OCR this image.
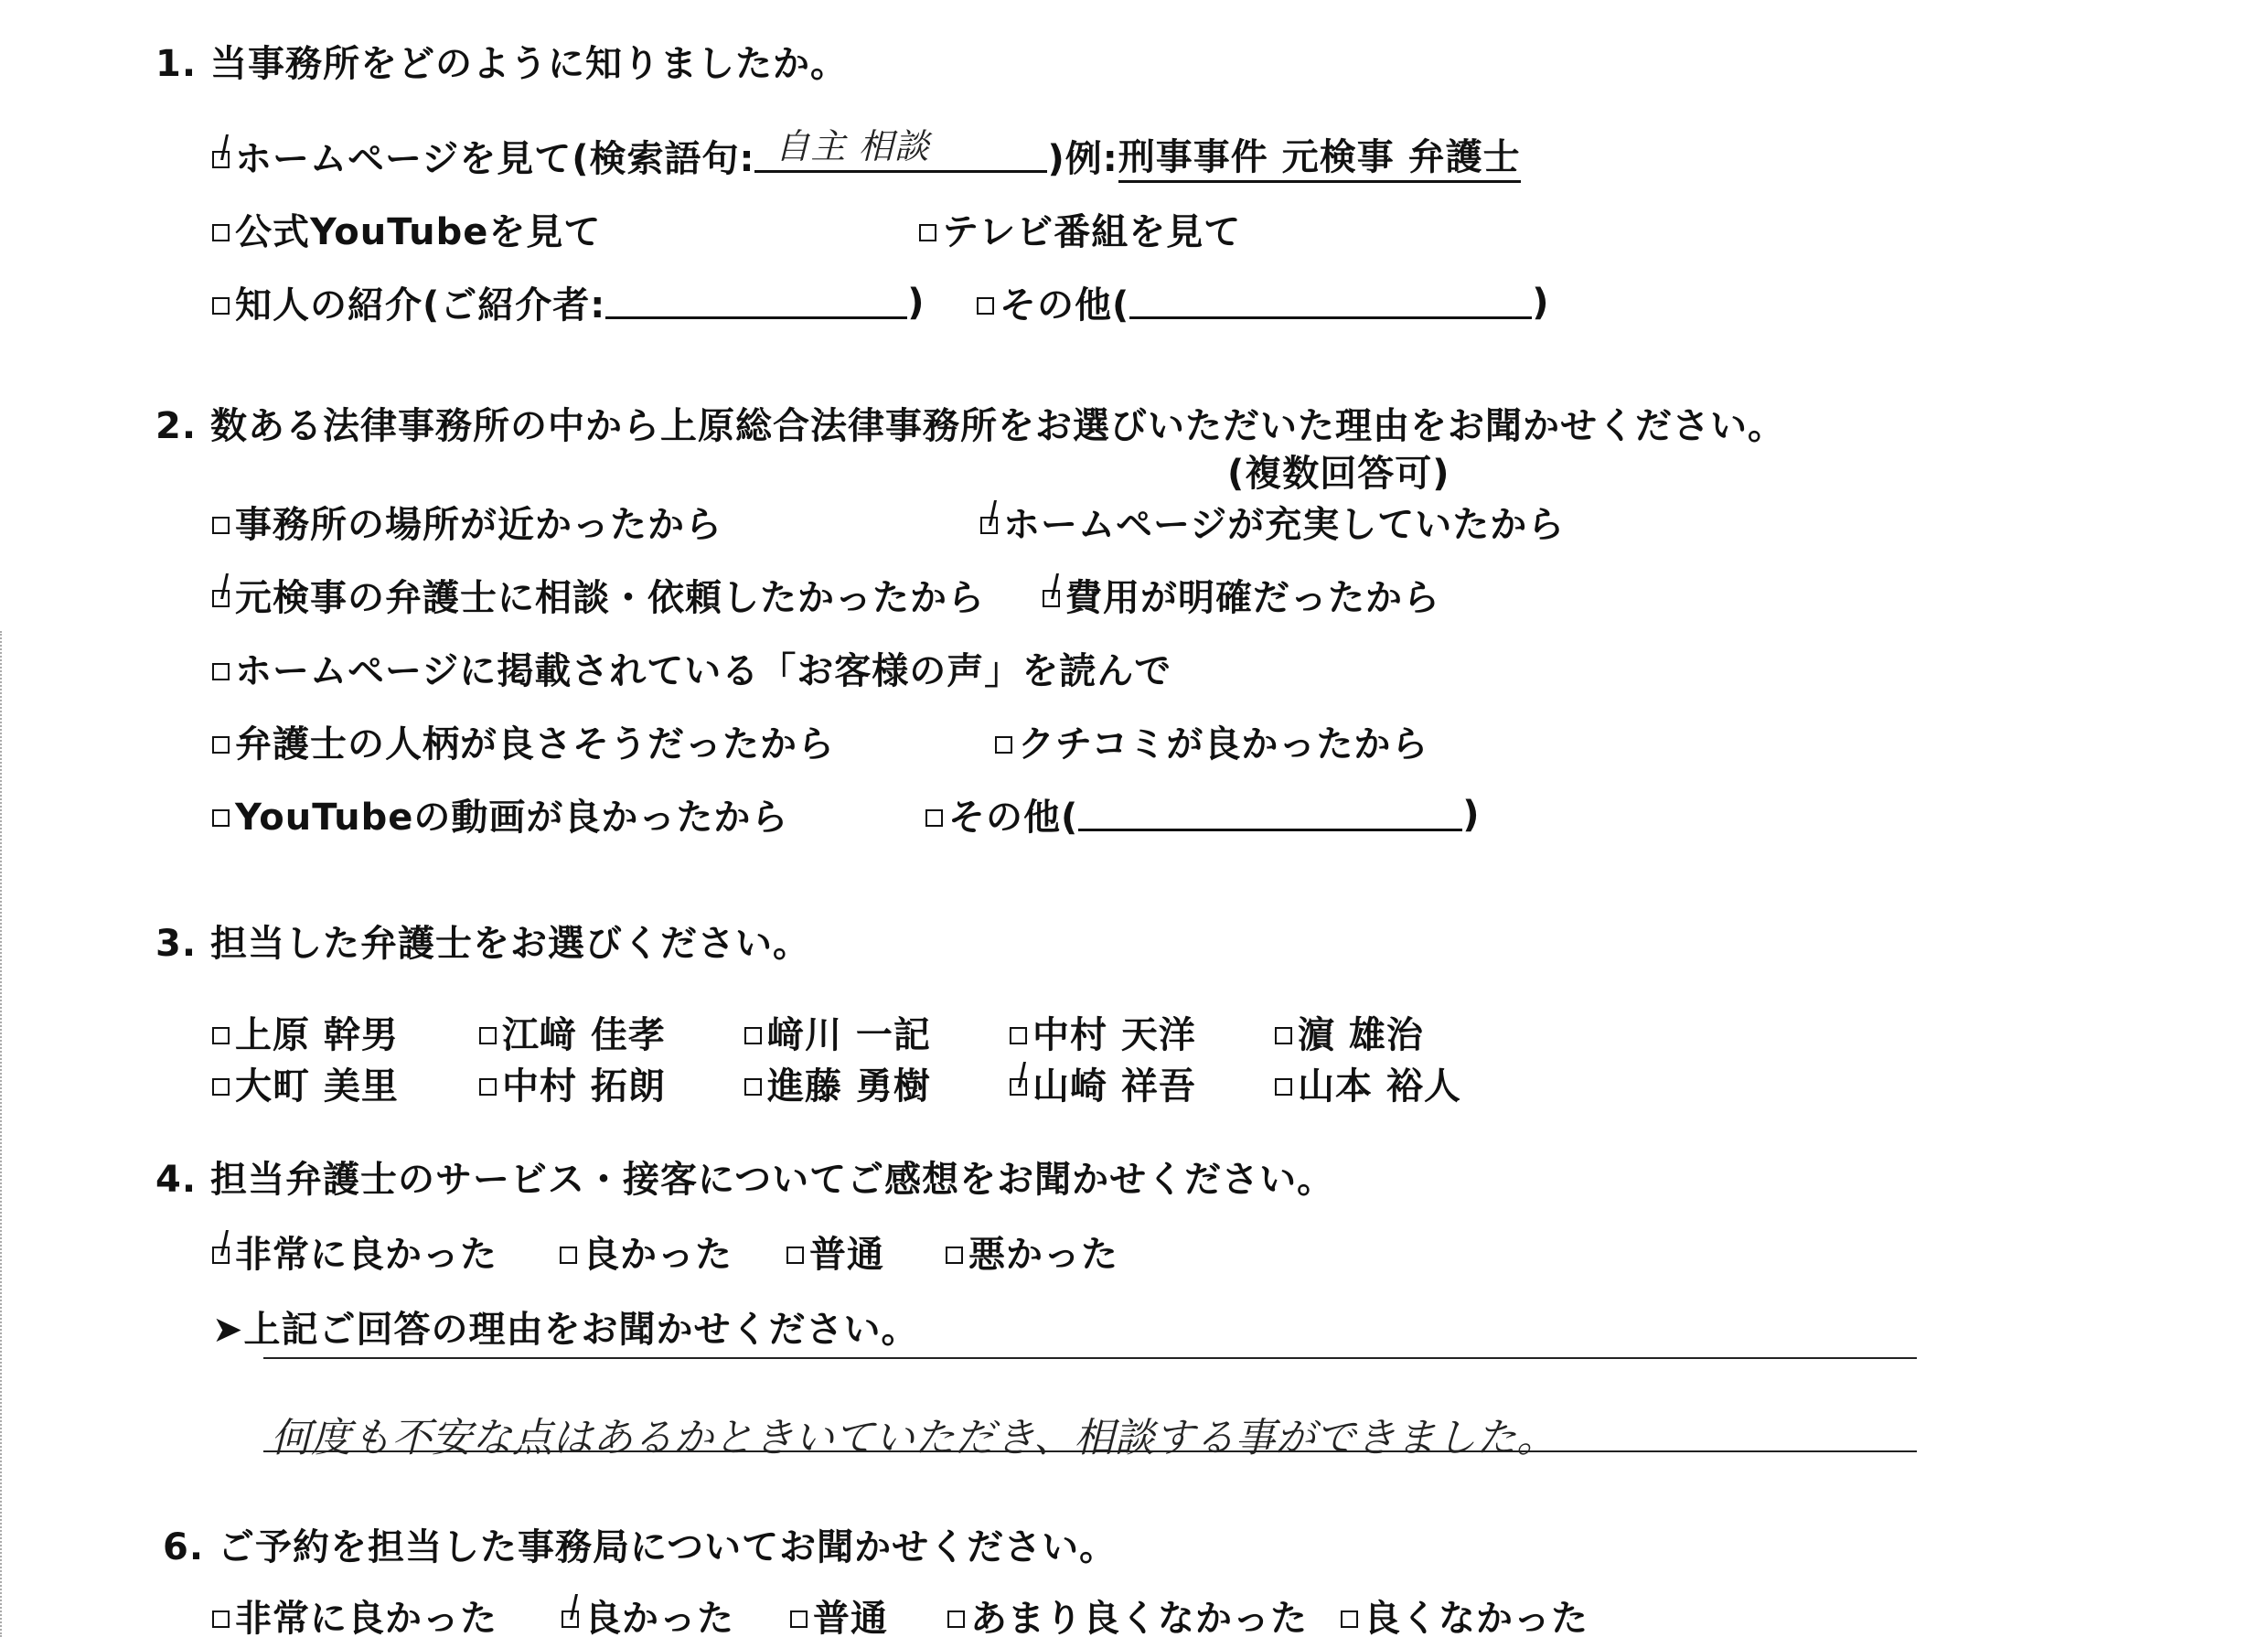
1. 当事務所をどのように知りましたか。
ホームページを見て(検索語句: 自主 相談	)例: 刑事事件 元検事 弁護士
公式YouTubeを見て	テレビ番組を見て
知人の紹介(ご紹介者:	) その他(	)
2. 数ある法律事務所の中から上原総合法律事務所をお選びいただいた理由をお聞かせください。
(複数回答可)
事務所の場所が近かったから	ホームページが充実していたから
元検事の弁護士に相談・依頼したかったから 費用が明確だったから
ホームページに掲載されている「お客様の声」を読んで
弁護士の人柄が良さそうだったから	クチコミが良かったから
YouTubeの動画が良かったから	その他(	)
3. 担当した弁護士をお選びください。
上原 幹男	江﨑 佳孝	﨑川 一記	中村 天洋	濵 雄治
大町 美里	中村 拓朗	進藤 勇樹	山崎 祥吾	山本 裕人
4. 担当弁護士のサービス・接客についてご感想をお聞かせください。
非常に良かった 良かった 普通 悪かった
➤上記ご回答の理由をお聞かせください。
何度も不安な点はあるかときいていただき、相談する事ができました。
6. ご予約を担当した事務局についてお聞かせください。
非常に良かった 良かった 普通 あまり良くなかった 良くなかった
